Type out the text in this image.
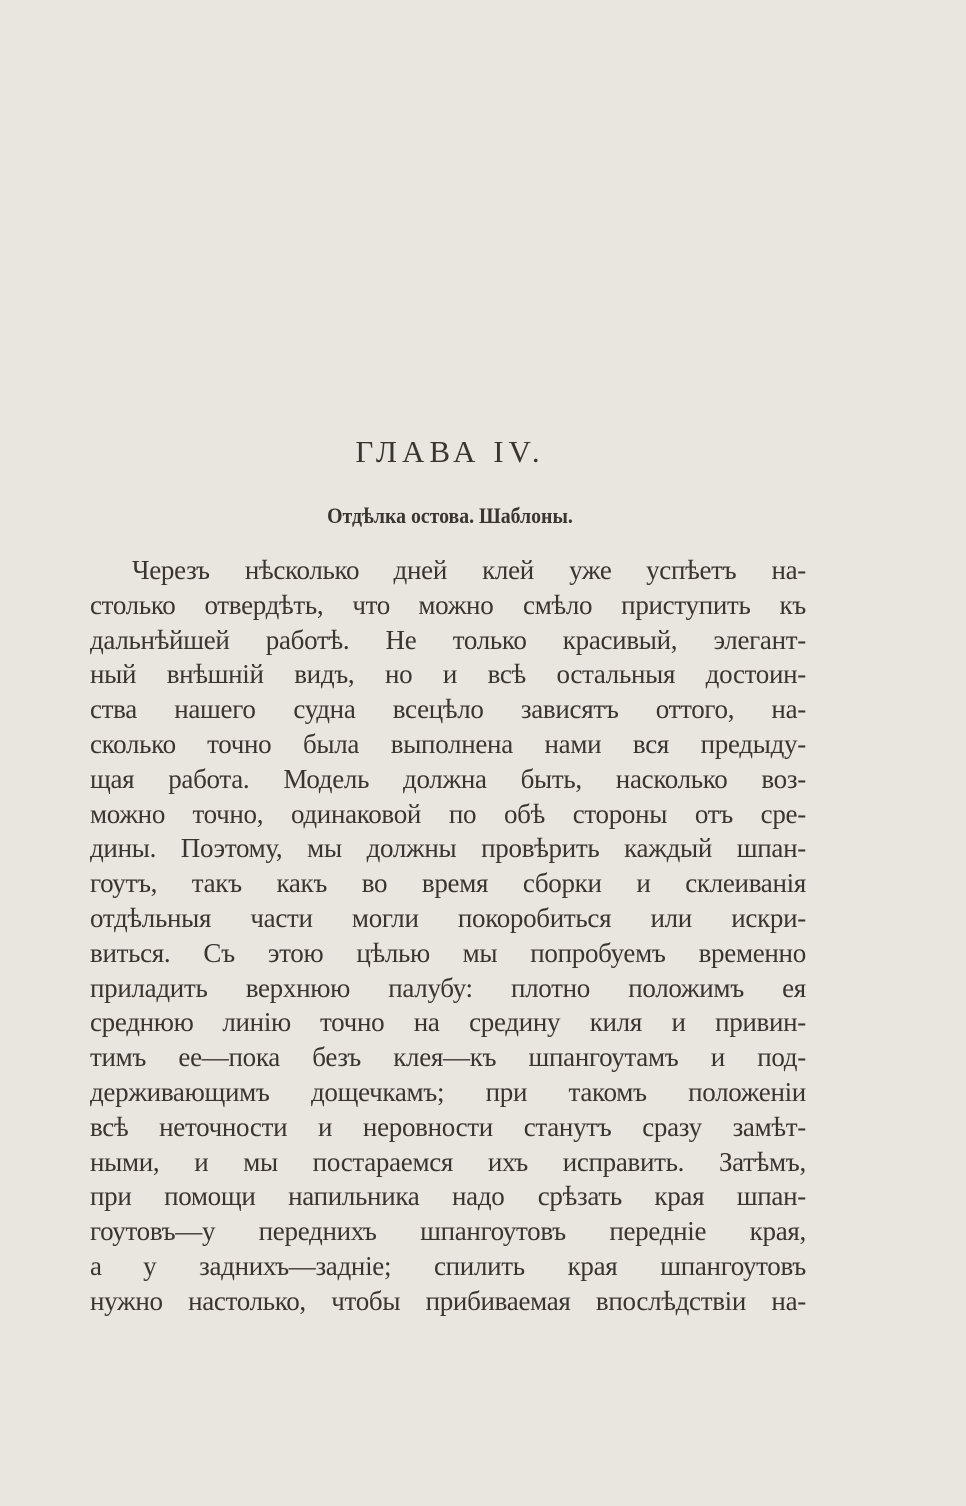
ГЛАВА IV.
Отдѣлка остова. Шаблоны.
Черезъ нѣсколько дней клей уже успѣетъ на-
столько отвердѣть, что можно смѣло приступить къ
дальнѣйшей работѣ. Не только красивый, элегант-
ный внѣшнiй видъ, но и всѣ остальныя достоин-
ства нашего судна всецѣло зависятъ оттого, на-
сколько точно была выполнена нами вся предыду-
щая работа. Модель должна быть, насколько воз-
можно точно, одинаковой по обѣ стороны отъ сре-
дины. Поэтому, мы должны провѣрить каждый шпан-
гоутъ, такъ какъ во время сборки и склеиванiя
отдѣльныя части могли покоробиться или искри-
виться. Съ этою цѣлью мы попробуемъ временно
приладить верхнюю палубу: плотно положимъ ея
среднюю линiю точно на средину киля и привин-
тимъ ее—пока безъ клея—къ шпангоутамъ и под-
держивающимъ дощечкамъ; при такомъ положенiи
всѣ неточности и неровности станутъ сразу замѣт-
ными, и мы постараемся ихъ исправить. Затѣмъ,
при помощи напильника надо срѣзать края шпан-
гоутовъ—у переднихъ шпангоутовъ переднiе края,
а у заднихъ—заднiе; спилить края шпангоутовъ
нужно настолько, чтобы прибиваемая впослѣдствiи на-
